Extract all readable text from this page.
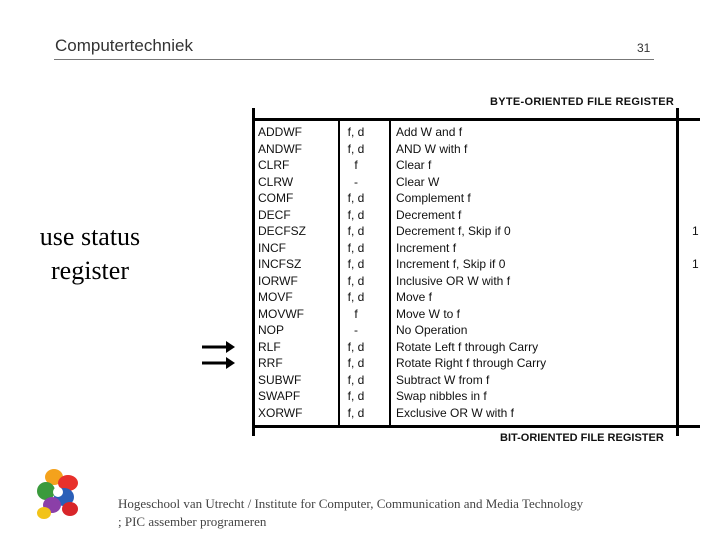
Computertechniek	31
use status
register
BYTE-ORIENTED FILE REGISTER
ADDWF	f, d	Add W and f
ANDWF	f, d	AND W with f
CLRF	f	Clear f
CLRW	-	Clear W
COMF	f, d	Complement f
DECF	f, d	Decrement f
DECFSZ	f, d	Decrement f, Skip if 0	1
INCF	f, d	Increment f
INCFSZ	f, d	Increment f, Skip if 0	1
IORWF	f, d	Inclusive OR W with f
MOVF	f, d	Move f
MOVWF	f	Move W to f
NOP	-	No Operation
RLF	f, d	Rotate Left f through Carry
RRF	f, d	Rotate Right f through Carry
SUBWF	f, d	Subtract W from f
SWAPF	f, d	Swap nibbles in f
XORWF	f, d	Exclusive OR W with f
BIT-ORIENTED FILE REGISTER
Hogeschool van Utrecht / Institute for Computer, Communication and Media Technology
; PIC assember programeren
